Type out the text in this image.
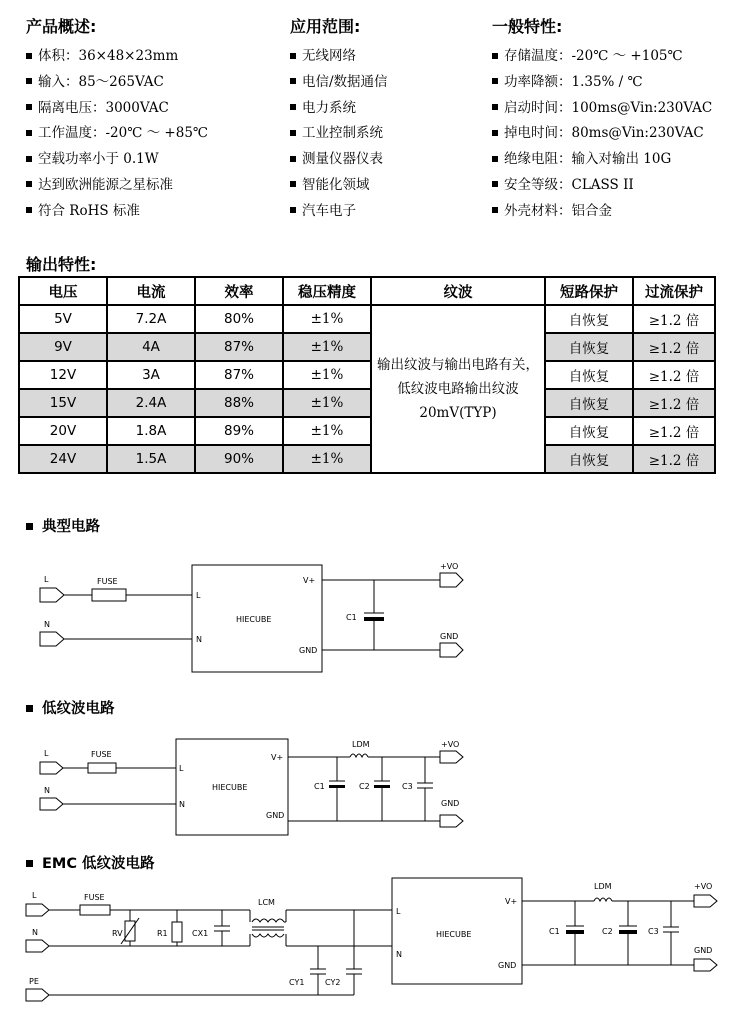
产品概述:
体积：36×48×23mm
输入：85～265VAC
隔离电压：3000VAC
工作温度：-20℃ ～ +85℃
空载功率小于 0.1W
达到欧洲能源之星标准
符合 RoHS 标准
应用范围:
无线网络
电信/数据通信
电力系统
工业控制系统
测量仪器仪表
智能化领域
汽车电子
一般特性:
存储温度：-20℃ ～ +105℃
功率降额：1.35% / ℃
启动时间：100ms@Vin:230VAC
掉电时间：80ms@Vin:230VAC
绝缘电阻：输入对输出 10G
安全等级：CLASS II
外壳材料：铝合金
输出特性:
电压	电流	效率	稳压精度	纹波	短路保护	过流保护
5V	7.2A	80%	±1%	输出纹波与输出电路有关，低纹波电路输出纹波 20mV(TYP)	自恢复	≥1.2 倍
9V	4A	87%	±1%		自恢复	≥1.2 倍
12V	3A	87%	±1%		自恢复	≥1.2 倍
15V	2.4A	88%	±1%		自恢复	≥1.2 倍
20V	1.8A	89%	±1%		自恢复	≥1.2 倍
24V	1.5A	90%	±1%		自恢复	≥1.2 倍
典型电路
L
N
FUSE
L
N
HIECUBE
V+
GND
C1
+VO
GND
低纹波电路
L
N
FUSE
L
N
HIECUBE
V+
GND
LDM
C1	C2	C3
+VO
GND
EMC 低纹波电路
L
N
PE
FUSE
RV	R1	CX1
LCM
CY1	CY2
L
N
HIECUBE
V+
GND
LDM
C1	C2	C3
+VO
GND
